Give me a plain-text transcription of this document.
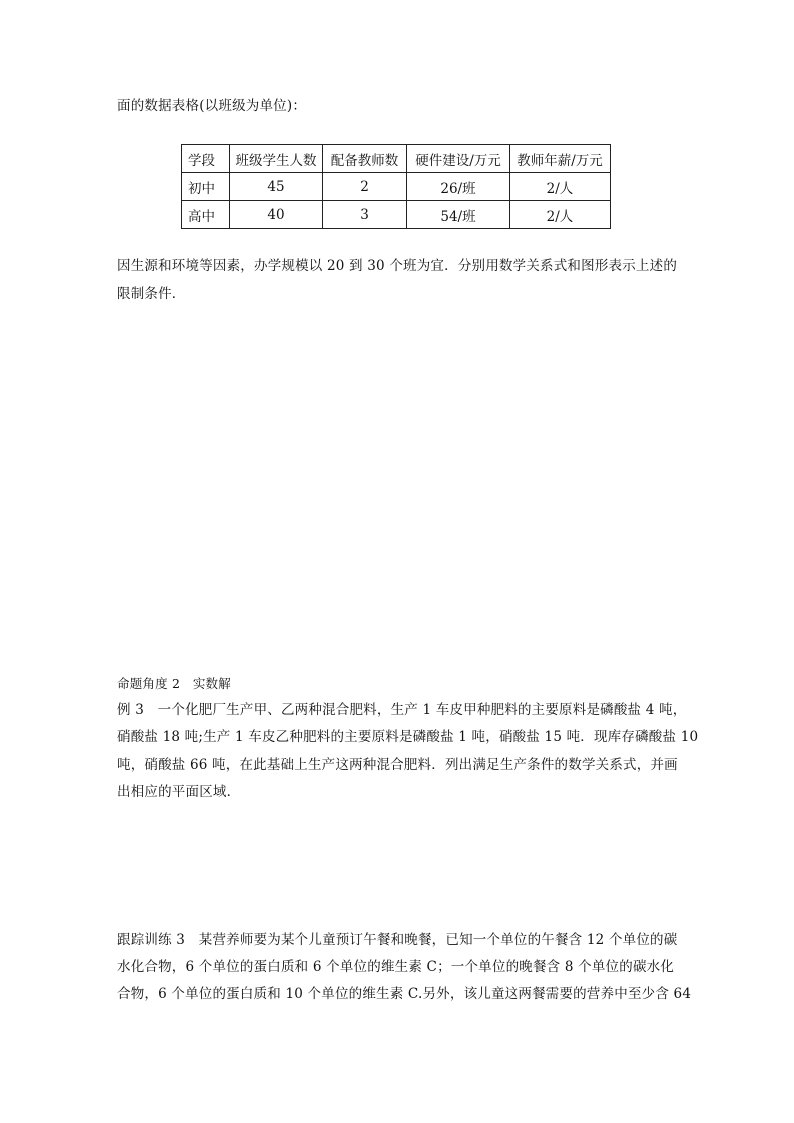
面的数据表格(以班级为单位)：
学段	班级学生人数	配备教师数	硬件建设/万元	教师年薪/万元
初中	45	2	26/班	2/人
高中	40	3	54/班	2/人
因生源和环境等因素，办学规模以 20 到 30 个班为宜．分别用数学关系式和图形表示上述的
限制条件．
命题角度 2　实数解
例 3　一个化肥厂生产甲、乙两种混合肥料，生产 1 车皮甲种肥料的主要原料是磷酸盐 4 吨，
硝酸盐 18 吨;生产 1 车皮乙种肥料的主要原料是磷酸盐 1 吨，硝酸盐 15 吨．现库存磷酸盐 10
吨，硝酸盐 66 吨，在此基础上生产这两种混合肥料．列出满足生产条件的数学关系式，并画
出相应的平面区域．
跟踪训练 3　某营养师要为某个儿童预订午餐和晚餐，已知一个单位的午餐含 12 个单位的碳
水化合物，6 个单位的蛋白质和 6 个单位的维生素 C；一个单位的晚餐含 8 个单位的碳水化
合物，6 个单位的蛋白质和 10 个单位的维生素 C.另外，该儿童这两餐需要的营养中至少含 64
